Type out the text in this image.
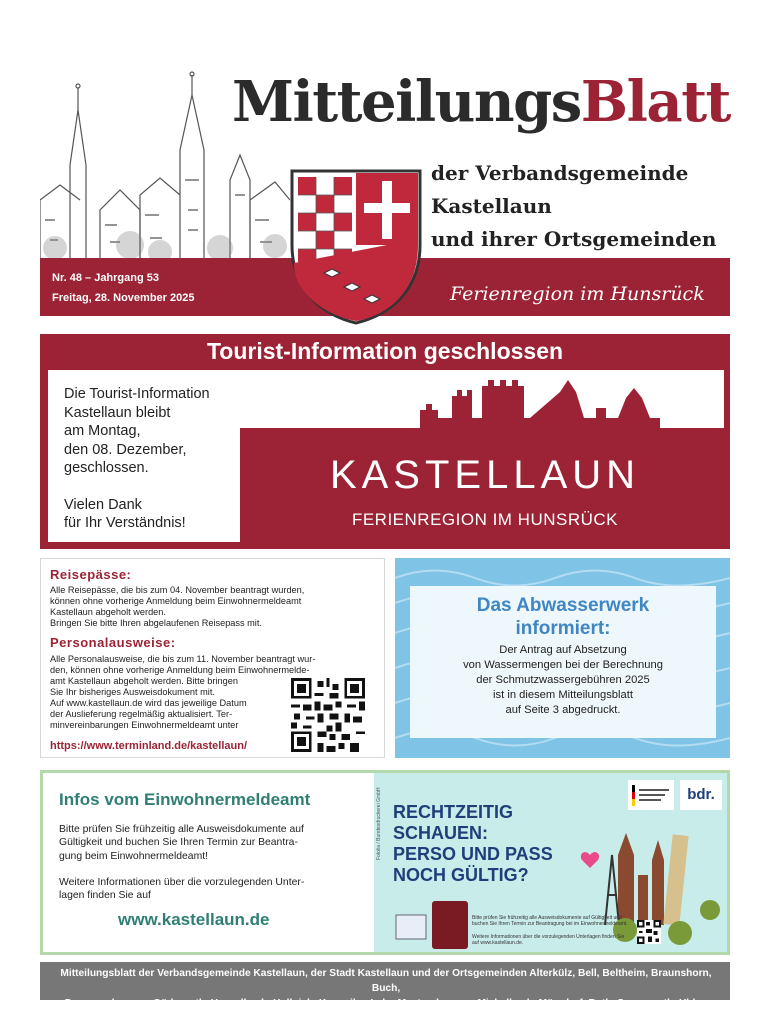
MitteilungsBlatt
der Verbandsgemeinde
Kastellaun
und ihrer Ortsgemeinden
Nr. 48 – Jahrgang 53
Freitag, 28. November 2025	Ferienregion im Hunsrück
Tourist-Information geschlossen

Die Tourist-Information
Kastellaun bleibt
am Montag,
den 08. Dezember,
geschlossen.

Vielen Dank
für Ihr Verständnis!

KASTELLAUN
FERIENREGION IM HUNSRÜCK
Reisepässe:
Alle Reisepässe, die bis zum 04. November beantragt wurden,
können ohne vorherige Anmeldung beim Einwohnermeldeamt
Kastellaun abgeholt werden.
Bringen Sie bitte Ihren abgelaufenen Reisepass mit.
Personalausweise:
Alle Personalausweise, die bis zum 11. November beantragt wur-
den, können ohne vorherige Anmeldung beim Einwohnermelde-
amt Kastellaun abgeholt werden. Bitte bringen
Sie Ihr bisheriges Ausweisdokument mit.
Auf www.kastellaun.de wird das jeweilige Datum
der Auslieferung regelmäßig aktualisiert. Ter-
minvereinbarungen Einwohnermeldeamt unter
https://www.terminland.de/kastellaun/
Das Abwasserwerk
informiert:
Der Antrag auf Absetzung
von Wassermengen bei der Berechnung
der Schmutzwassergebühren 2025
ist in diesem Mitteilungsblatt
auf Seite 3 abgedruckt.
Infos vom Einwohnermeldeamt
Bitte prüfen Sie frühzeitig alle Ausweisdokumente auf
Gültigkeit und buchen Sie Ihren Termin zur Beantra-
gung beim Einwohnermeldeamt!
Weitere Informationen über die vorzulegenden Unter-
lagen finden Sie auf
www.kastellaun.de
Fotolia / Bundesdruckerei GmbH RECHTZEITIG
SCHAUEN:
PERSO UND PASS
NOCH GÜLTIG?
bdr.
Bitte prüfen Sie frühzeitig alle Ausweisdokumente auf Gültigkeit und buchen Sie Ihren Termin zur Beantragung bei im Einwohnermeldeamt.
Weitere Informationen über die vorzulegenden Unterlagen finden Sie auf www.kastellaun.de.
Mitteilungsblatt der Verbandsgemeinde Kastellaun, der Stadt Kastellaun und der Ortsgemeinden Alterkülz, Bell, Beltheim, Braunshorn, Buch,
Dommershausen, Gödenroth, Hasselbach, Hollnich, Korweiler, Lahr, Mastershausen, Michelbach, Mörsdorf, Roth, Spesenroth, Uhler, Zilshausen
